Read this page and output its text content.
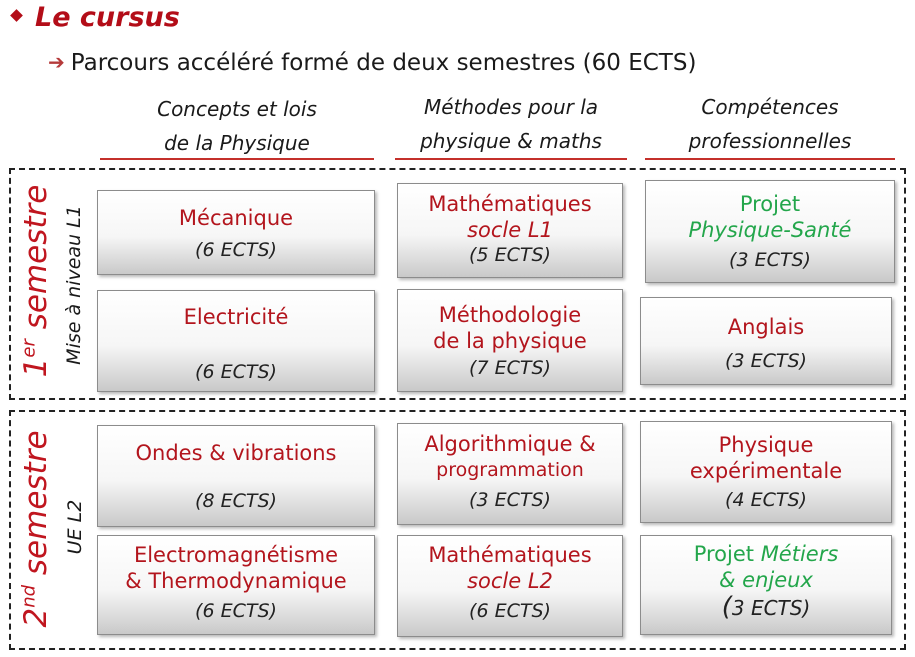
Le cursus
➔ Parcours accéléré formé de deux semestres (60 ECTS)
Concepts et lois
de la Physique
Méthodes pour la
physique & maths
Compétences
professionnelles
1er semestre Mise à niveau L1
2nd semestre UE L2
Mécanique
(6 ECTS)
Mathématiques
socle L1
(5 ECTS)
Projet
Physique-Santé
(3 ECTS)
Electricité
(6 ECTS)
Méthodologie
de la physique
(7 ECTS)
Anglais
(3 ECTS)
Ondes & vibrations
(8 ECTS)
Algorithmique &
programmation
(3 ECTS)
Physique
expérimentale
(4 ECTS)
Electromagnétisme
& Thermodynamique
(6 ECTS)
Mathématiques
socle L2
(6 ECTS)
Projet Métiers
& enjeux
(3 ECTS)
